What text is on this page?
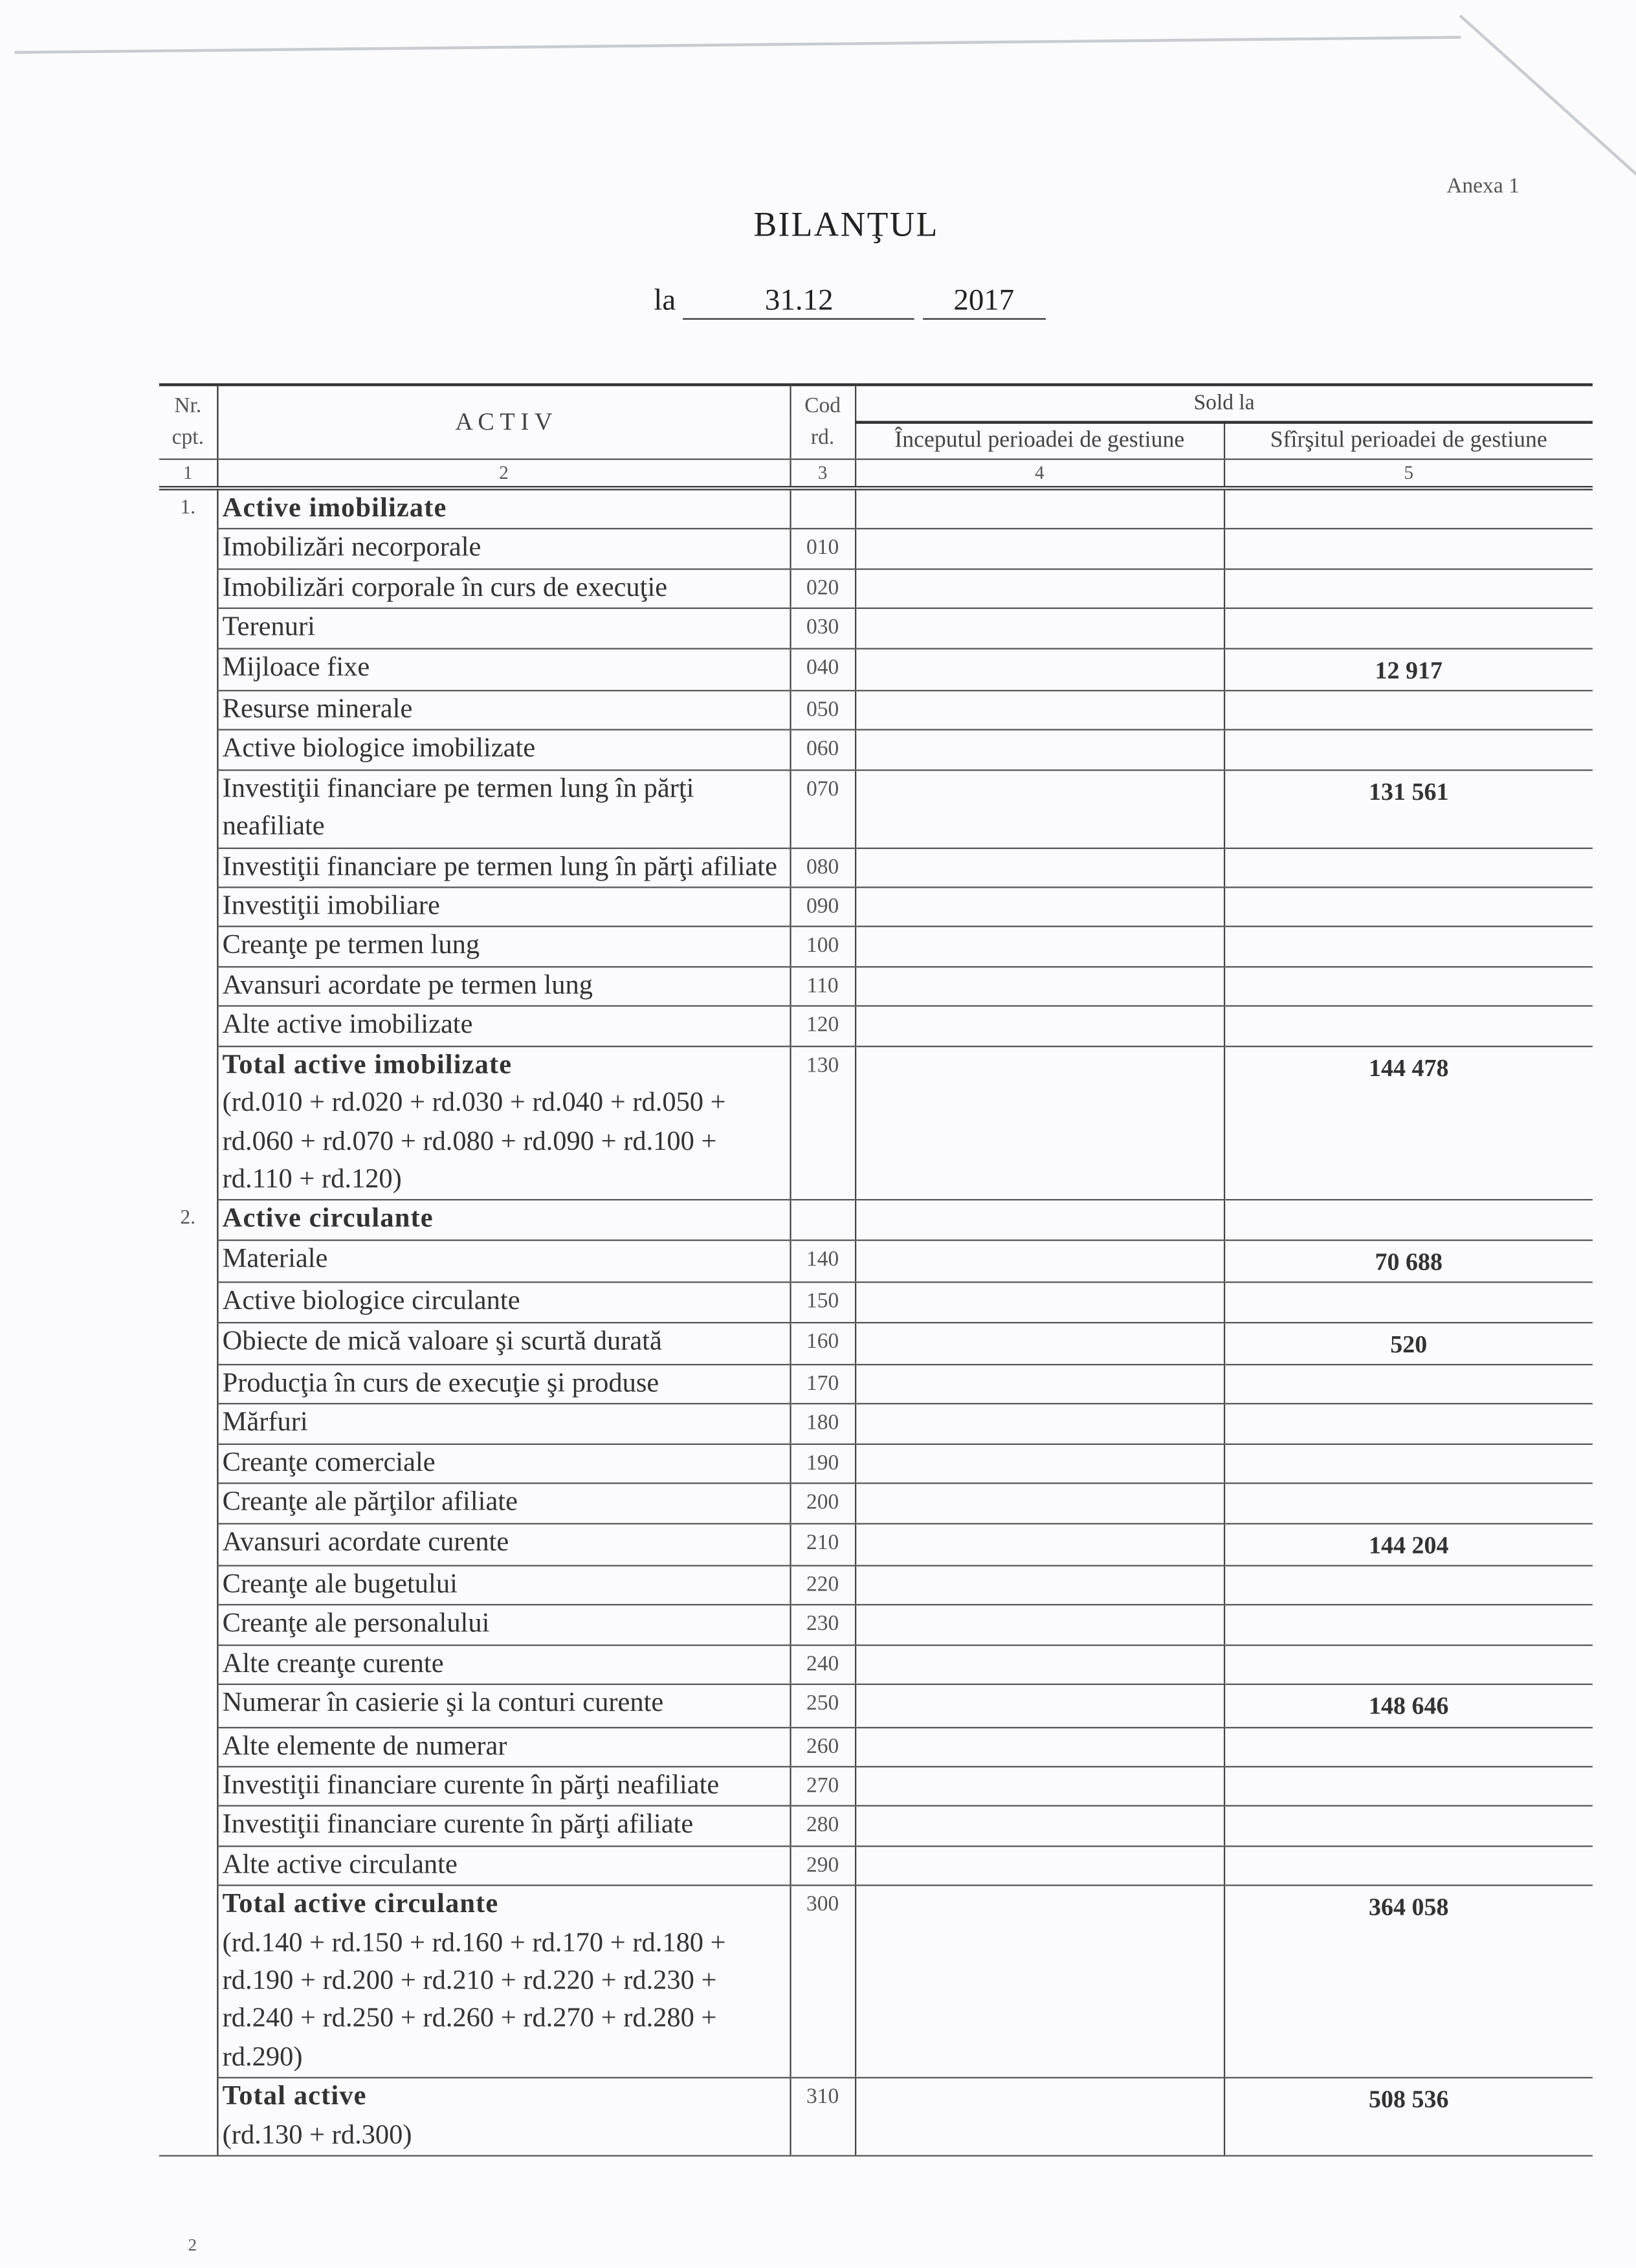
Anexa 1
BILANŢUL
la	31.12	2017
Nr. cpt.	A C T I V	Cod rd.	Sold la	
			Începutul perioadei de gestiune	Sfîrşitul perioadei de gestiune
1	2	3	4	5

1.	Active imobilizate			

	Imobilizări necorporale	010		

	Imobilizări corporale în curs de execuţie	020		

	Terenuri	030		

	Mijloace fixe	040		12 917

	Resurse minerale	050		

	Active biologice imobilizate	060		

	Investiţii financiare pe termen lung în părţi neafiliate	070		131 561

	Investiţii financiare pe termen lung în părţi afiliate	080		

	Investiţii imobiliare	090		

	Creanţe pe termen lung	100		

	Avansuri acordate pe termen lung	110		

	Alte active imobilizate	120		

	Total active imobilizate
(rd.010 + rd.020 + rd.030 + rd.040 + rd.050 + rd.060 + rd.070 + rd.080 + rd.090 + rd.100 + rd.110 + rd.120)	130		144 478

2.	Active circulante			

	Materiale	140		70 688

	Active biologice circulante	150		

	Obiecte de mică valoare şi scurtă durată	160		520

	Producţia în curs de execuţie şi produse	170		

	Mărfuri	180		

	Creanţe comerciale	190		

	Creanţe ale părţilor afiliate	200		

	Avansuri acordate curente	210		144 204

	Creanţe ale bugetului	220		

	Creanţe ale personalului	230		

	Alte creanţe curente	240		

	Numerar în casierie şi la conturi curente	250		148 646

	Alte elemente de numerar	260		

	Investiţii financiare curente în părţi neafiliate	270		

	Investiţii financiare curente în părţi afiliate	280		

	Alte active circulante	290		

	Total active circulante
(rd.140 + rd.150 + rd.160 + rd.170 + rd.180 + rd.190 + rd.200 + rd.210 + rd.220 + rd.230 + rd.240 + rd.250 + rd.260 + rd.270 + rd.280 + rd.290)	300		364 058

	Total active
(rd.130 + rd.300)	310		508 536
2
